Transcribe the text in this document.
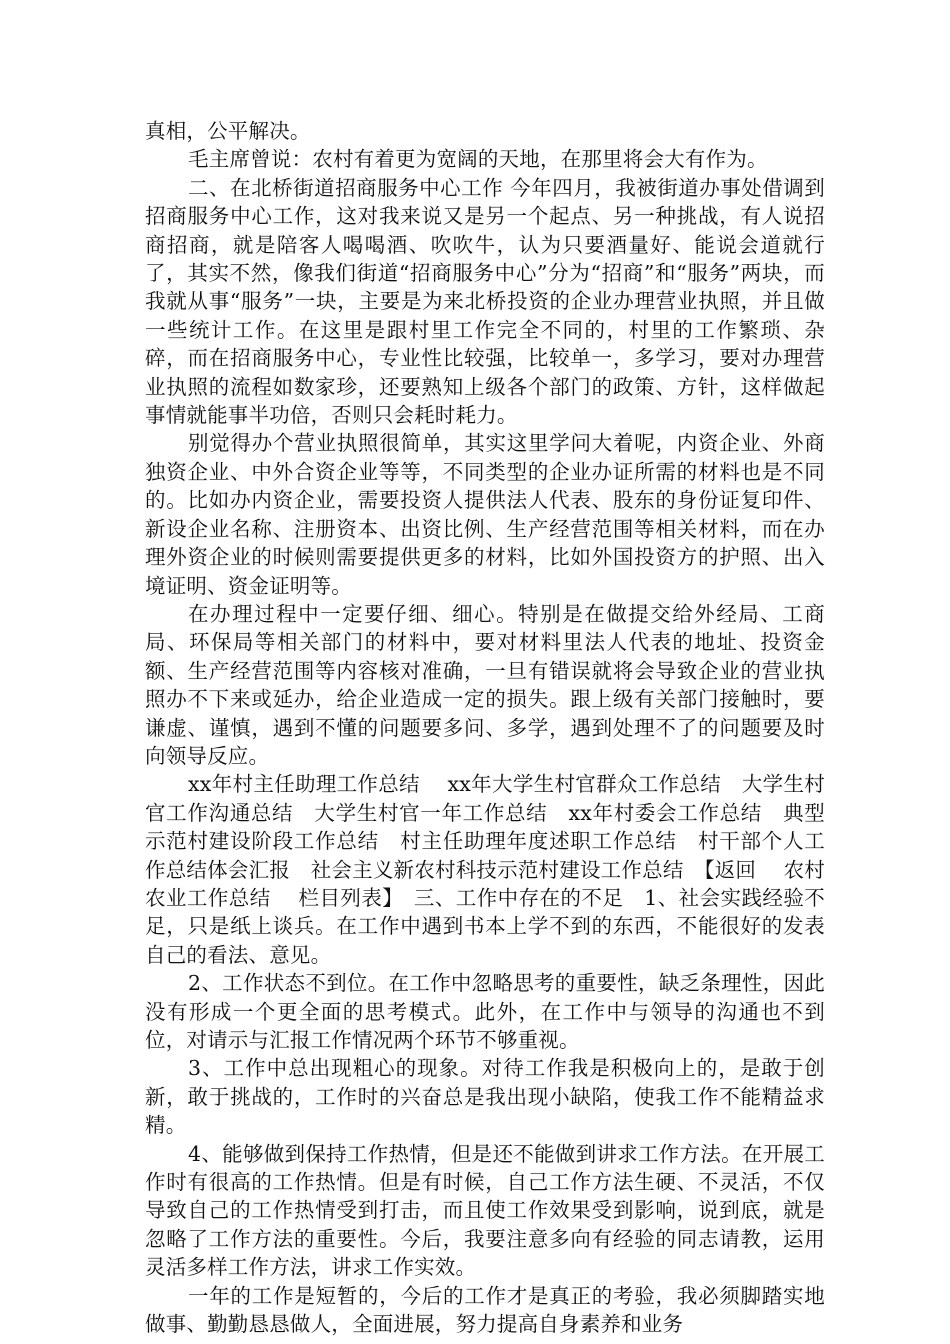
真相，公平解决。

毛主席曾说：农村有着更为宽阔的天地，在那里将会大有作为。

二、在北桥街道招商服务中心工作 今年四月，我被街道办事处借调到招商服务中心工作，这对我来说又是另一个起点、另一种挑战，有人说招商招商，就是陪客人喝喝酒、吹吹牛，认为只要酒量好、能说会道就行了，其实不然，像我们街道“招商服务中心”分为“招商”和“服务”两块，而我就从事“服务”一块，主要是为来北桥投资的企业办理营业执照，并且做一些统计工作。在这里是跟村里工作完全不同的，村里的工作繁琐、杂碎，而在招商服务中心，专业性比较强，比较单一，多学习，要对办理营业执照的流程如数家珍，还要熟知上级各个部门的政策、方针，这样做起事情就能事半功倍，否则只会耗时耗力。

别觉得办个营业执照很简单，其实这里学问大着呢，内资企业、外商独资企业、中外合资企业等等，不同类型的企业办证所需的材料也是不同的。比如办内资企业，需要投资人提供法人代表、股东的身份证复印件、新设企业名称、注册资本、出资比例、生产经营范围等相关材料，而在办理外资企业的时候则需要提供更多的材料，比如外国投资方的护照、出入境证明、资金证明等。

在办理过程中一定要仔细、细心。特别是在做提交给外经局、工商局、环保局等相关部门的材料中，要对材料里法人代表的地址、投资金额、生产经营范围等内容核对准确，一旦有错误就将会导致企业的营业执照办不下来或延办，给企业造成一定的损失。跟上级有关部门接触时，要谦虚、谨慎，遇到不懂的问题要多问、多学，遇到处理不了的问题要及时向领导反应。

xx年村主任助理工作总结　 xx年大学生村官群众工作总结　大学生村官工作沟通总结　大学生村官一年工作总结　xx年村委会工作总结　典型示范村建设阶段工作总结　村主任助理年度述职工作总结　村干部个人工作总结体会汇报　社会主义新农村科技示范村建设工作总结　【返回　 农村农业工作总结　 栏目列表】　三、工作中存在的不足　1、社会实践经验不足，只是纸上谈兵。在工作中遇到书本上学不到的东西，不能很好的发表自己的看法、意见。

2、工作状态不到位。在工作中忽略思考的重要性，缺乏条理性，因此没有形成一个更全面的思考模式。此外，在工作中与领导的沟通也不到位，对请示与汇报工作情况两个环节不够重视。

3、工作中总出现粗心的现象。对待工作我是积极向上的，是敢于创新，敢于挑战的，工作时的兴奋总是我出现小缺陷，使我工作不能精益求精。

4、能够做到保持工作热情，但是还不能做到讲求工作方法。在开展工作时有很高的工作热情。但是有时候，自己工作方法生硬、不灵活，不仅导致自己的工作热情受到打击，而且使工作效果受到影响，说到底，就是忽略了工作方法的重要性。今后，我要注意多向有经验的同志请教，运用灵活多样工作方法，讲求工作实效。

一年的工作是短暂的，今后的工作才是真正的考验，我必须脚踏实地做事、勤勤恳恳做人，全面进展，努力提高自身素养和业务
